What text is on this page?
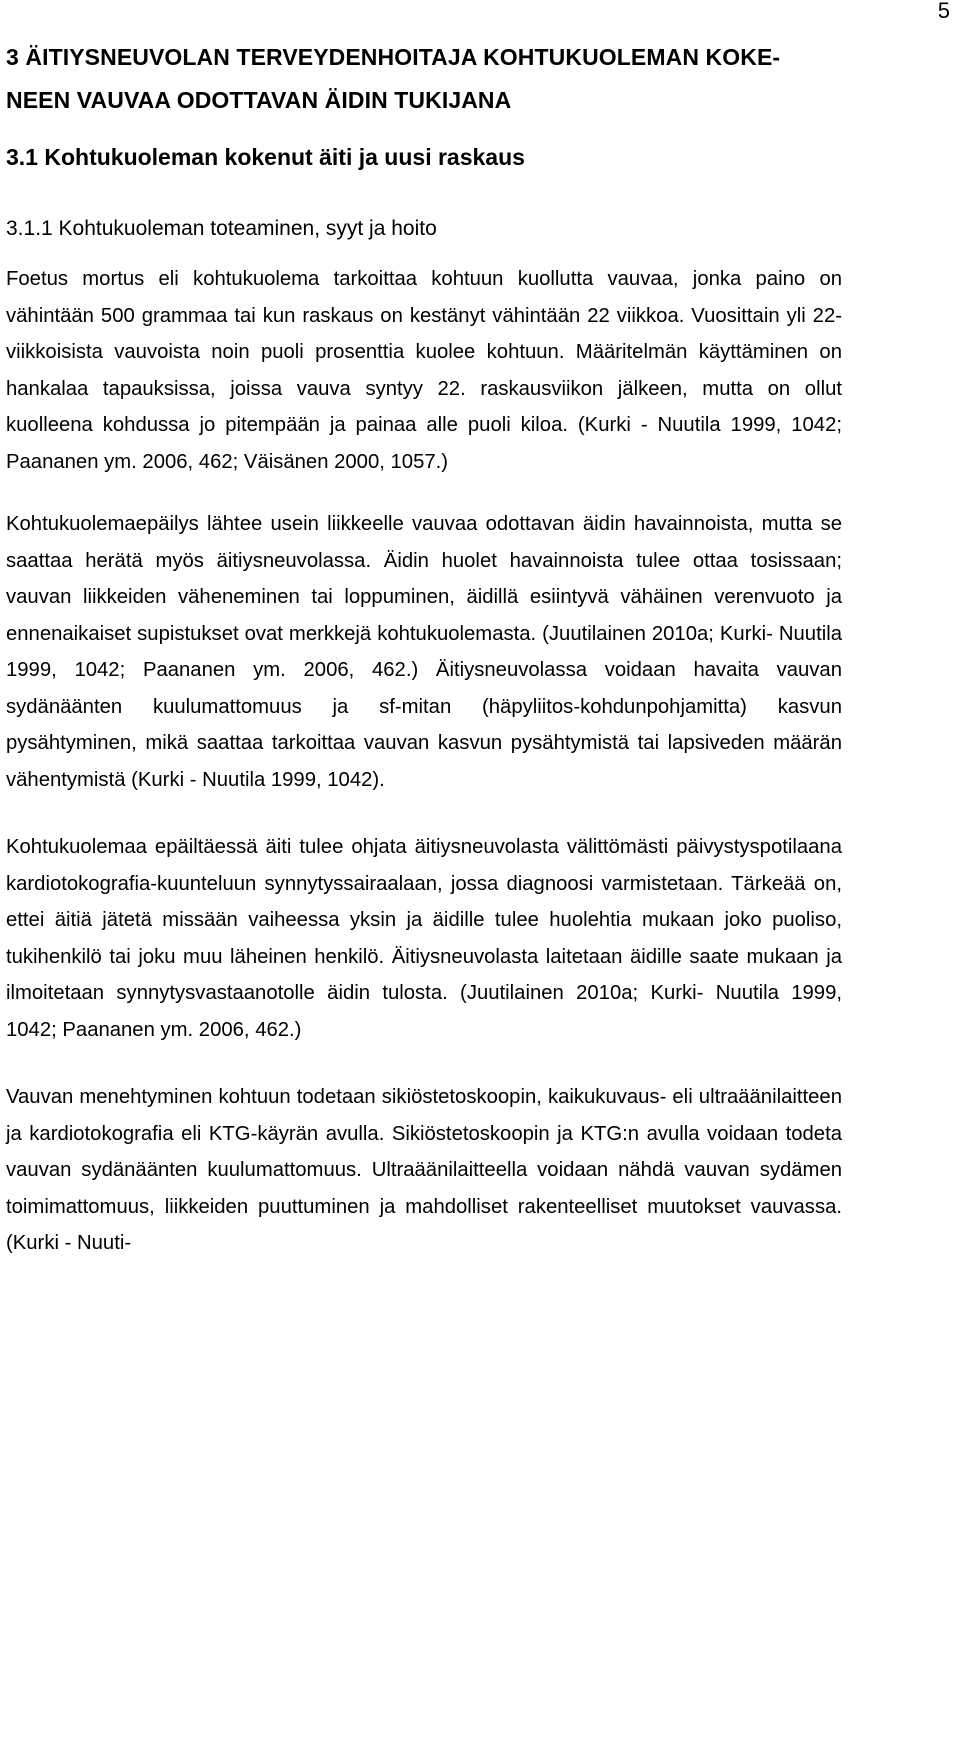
5
3 ÄITIYSNEUVOLAN TERVEYDENHOITAJA KOHTUKUOLEMAN KOKE-NEEN VAUVAA ODOTTAVAN ÄIDIN TUKIJANA
3.1 Kohtukuoleman kokenut äiti ja uusi raskaus
3.1.1 Kohtukuoleman toteaminen, syyt ja hoito

Foetus mortus eli kohtukuolema tarkoittaa kohtuun kuollutta vauvaa, jonka paino on vähintään 500 grammaa tai kun raskaus on kestänyt vähintään 22 viikkoa. Vuosittain yli 22-viikkoisista vauvoista noin puoli prosenttia kuolee kohtuun. Määritelmän käyttäminen on hankalaa tapauksissa, joissa vauva syntyy 22. raskausviikon jälkeen, mutta on ollut kuolleena kohdussa jo pitempään ja painaa alle puoli kiloa. (Kurki - Nuutila 1999, 1042; Paananen ym. 2006, 462; Väisänen 2000, 1057.)

Kohtukuolemaepäilys lähtee usein liikkeelle vauvaa odottavan äidin havainnoista, mutta se saattaa herätä myös äitiysneuvolassa. Äidin huolet havainnoista tulee ottaa tosissaan; vauvan liikkeiden väheneminen tai loppuminen, äidillä esiintyvä vähäinen verenvuoto ja ennenaikaiset supistukset ovat merkkejä kohtukuolemasta. (Juutilainen 2010a; Kurki- Nuutila 1999, 1042; Paananen ym. 2006, 462.) Äitiysneuvolassa voidaan havaita vauvan sydänäänten kuulumattomuus ja sf-mitan (häpyliitos-kohdunpohjamitta) kasvun pysähtyminen, mikä saattaa tarkoittaa vauvan kasvun pysähtymistä tai lapsiveden määrän vähentymistä (Kurki - Nuutila 1999, 1042).

Kohtukuolemaa epäiltäessä äiti tulee ohjata äitiysneuvolasta välittömästi päivystyspotilaana kardiotokografia-kuunteluun synnytyssairaalaan, jossa diagnoosi varmistetaan. Tärkeää on, ettei äitiä jätetä missään vaiheessa yksin ja äidille tulee huolehtia mukaan joko puoliso, tukihenkilö tai joku muu läheinen henkilö. Äitiysneuvolasta laitetaan äidille saate mukaan ja ilmoitetaan synnytysvastaanotolle äidin tulosta. (Juutilainen 2010a; Kurki- Nuutila 1999, 1042; Paananen ym. 2006, 462.)

Vauvan menehtyminen kohtuun todetaan sikiöstetoskoopin, kaikukuvaus- eli ultraäänilaitteen ja kardiotokografia eli KTG-käyrän avulla. Sikiöstetoskoopin ja KTG:n avulla voidaan todeta vauvan sydänäänten kuulumattomuus. Ultraäänilaitteella voidaan nähdä vauvan sydämen toimimattomuus, liikkeiden puuttuminen ja mahdolliset rakenteelliset muutokset vauvassa. (Kurki - Nuuti-
